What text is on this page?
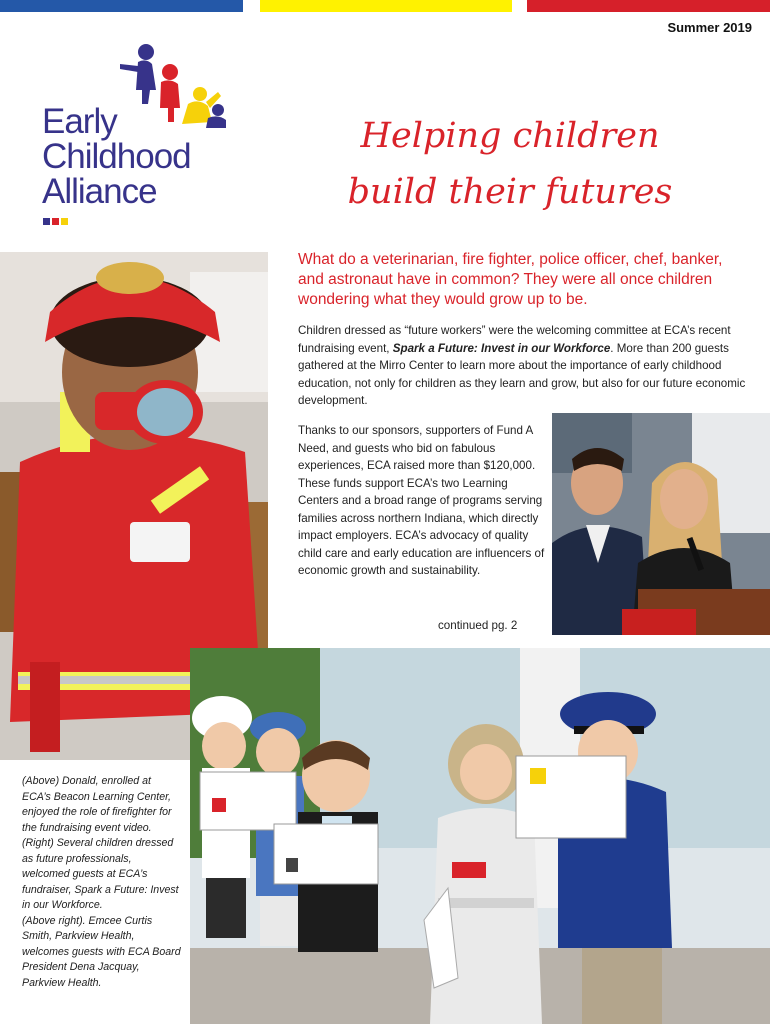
Summer 2019
Early
Childhood
Alliance
Helping children
build their futures
What do a veterinarian, fire fighter, police officer, chef, banker, and astronaut have in common? They were all once children wondering what they would grow up to be.
Children dressed as “future workers” were the welcoming committee at ECA’s recent fundraising event, Spark a Future: Invest in our Workforce. More than 200 guests gathered at the Mirro Center to learn more about the importance of early childhood education, not only for children as they learn and grow, but also for our future economic development.
Thanks to our sponsors, supporters of Fund A Need, and guests who bid on fabulous experiences, ECA raised more than $120,000. These funds support ECA’s two Learning Centers and a broad range of programs serving families across northern Indiana, which directly impact employers. ECA’s advocacy of quality child care and early education are influencers of economic growth and sustainability.
continued pg. 2

(Above) Donald, enrolled at ECA’s Beacon Learning Center, enjoyed the role of firefighter for the fundraising event video.

(Right) Several children dressed as future professionals, welcomed guests at ECA’s fundraiser, Spark a Future: Invest in our Workforce.

(Above right). Emcee Curtis Smith, Parkview Health, welcomes guests with ECA Board President Dena Jacquay, Parkview Health.
